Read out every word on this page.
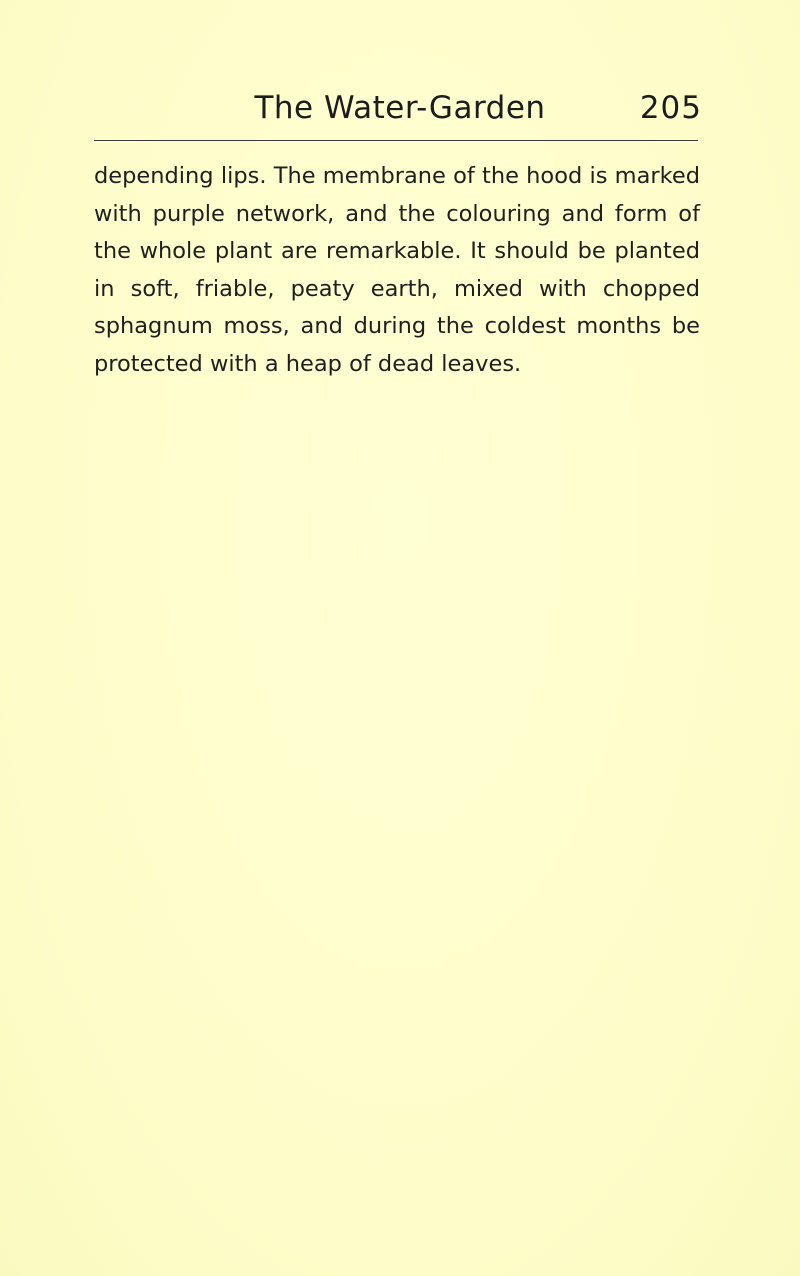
The Water-Garden	205

depending lips. The membrane of the hood is marked with purple network, and the colouring and form of the whole plant are remarkable. It should be planted in soft, friable, peaty earth, mixed with chopped sphagnum moss, and during the coldest months be protected with a heap of dead leaves.
